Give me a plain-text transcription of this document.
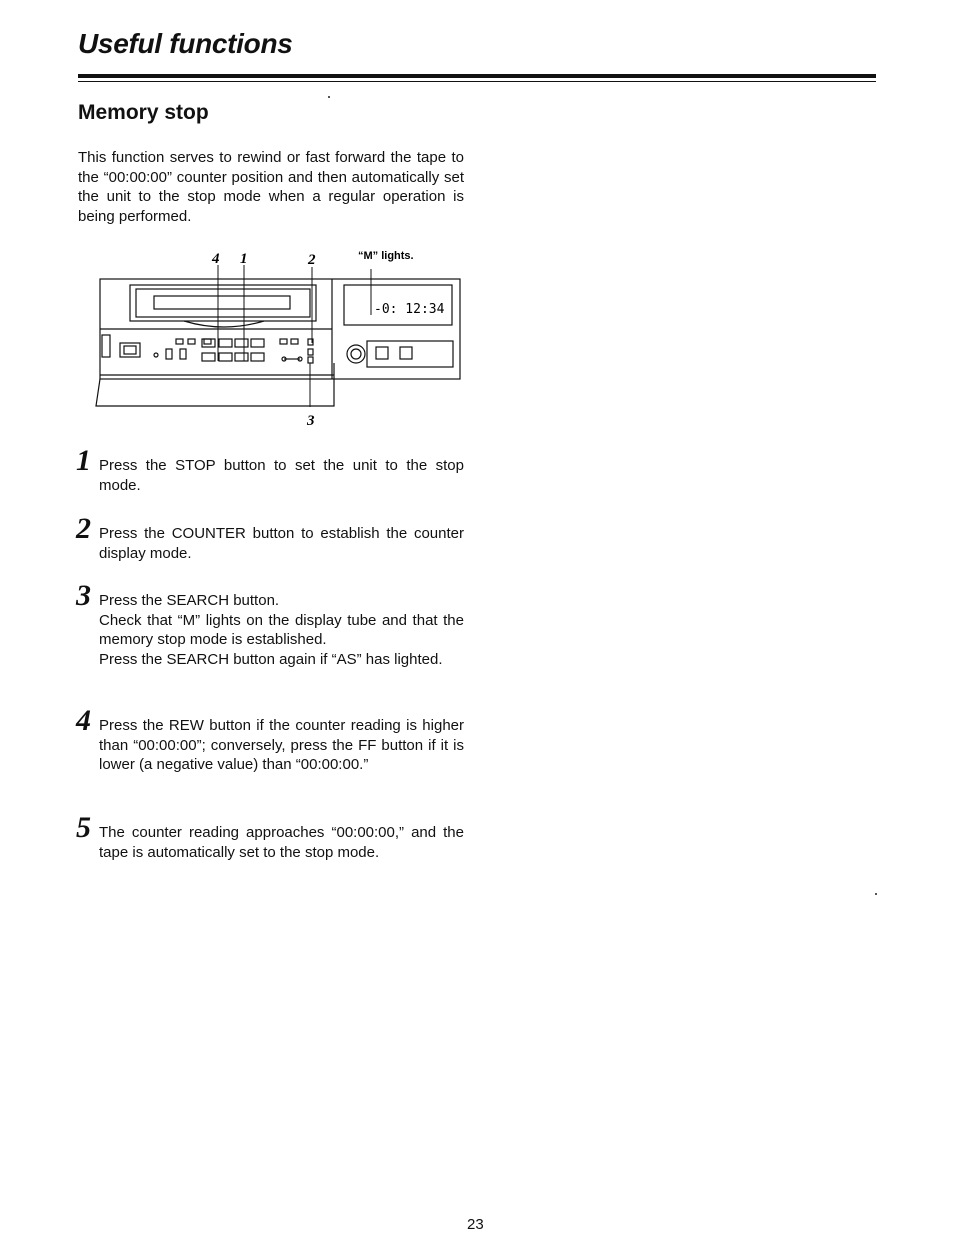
Useful functions
Memory stop

This function serves to rewind or fast forward the tape to the “00:00:00” counter position and then automatically set the unit to the stop mode when a regular operation is being performed.

4 1	2
3
“M” lights.
-0: 12:34
1 Press the STOP button to set the unit to the stop mode.

2 Press the COUNTER button to establish the counter display mode.

3 Press the SEARCH button.

Check that “M” lights on the display tube and that the memory stop mode is established.

Press the SEARCH button again if “AS” has lighted.

4 Press the REW button if the counter reading is higher than “00:00:00”; conversely, press the FF button if it is lower (a negative value) than “00:00:00.”

5 The counter reading approaches “00:00:00,” and the tape is automatically set to the stop mode.

23
